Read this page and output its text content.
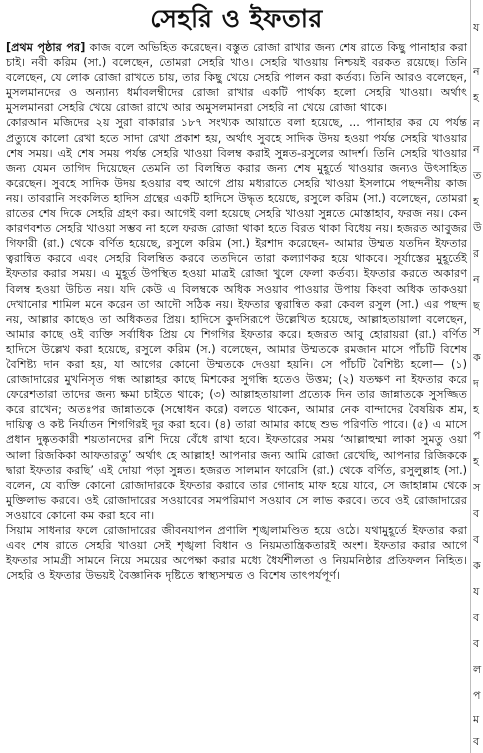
সেহরি ও ইফতার

[প্রথম পৃষ্ঠার পর] কাজ বলে অভিহিত করেছেন। বস্তুত রোজা রাখার জন্য শেষ রাতে কিছু পানাহার করা চাই। নবী করিম (সা.) বলেছেন, তোমরা সেহরি খাও। সেহরি খাওয়ায় নিশ্চয়ই বরকত রয়েছে। তিনি বলেছেন, যে লোক রোজা রাখতে চায়, তার কিছু খেয়ে সেহরি পালন করা কর্তব্য। তিনি আরও বলেছেন, মুসলমানদের ও অন্যান্য ধর্মাবলম্বীদের রোজা রাখার একটি পার্থক্য হলো সেহরি খাওয়া। অর্থাৎ মুসলমানরা সেহরি খেয়ে রোজা রাখে আর অমুসলমানরা সেহরি না খেয়ে রোজা থাকে।

কোরআন মজিদের ২য় সুরা বাকারার ১৮৭ সংখ্যক আয়াতে বলা হয়েছে, ... পানাহার কর যে পর্যন্ত প্রত্যুষে কালো রেখা হতে সাদা রেখা প্রকাশ হয়, অর্থাৎ সুবহে সাদিক উদয় হওয়া পর্যন্ত সেহরি খাওয়ার শেষ সময়। এই শেষ সময় পর্যন্ত সেহরি খাওয়া বিলম্ব করাই সুন্নত-রসুলের আদর্শ। তিনি সেহরি খাওয়ার জন্য যেমন তাগিদ দিয়েছেন তেমনি তা বিলম্বিত করার জন্য শেষ মুহূর্তে খাওয়ার জন্যও উৎসাহিত করেছেন। সুবহে সাদিক উদয় হওয়ার বহু আগে প্রায় মধ্যরাতে সেহরি খাওয়া ইসলামে পছন্দনীয় কাজ নয়। তাবরানি সংকলিত হাদিস গ্রন্থের একটি হাদিসে উদ্ধৃত হয়েছে, রসুলে করিম (সা.) বলেছেন, তোমরা রাতের শেষ দিকে সেহরি গ্রহণ কর। আগেই বলা হয়েছে সেহরি খাওয়া সুন্নতে মোস্তাহাব, ফরজ নয়। কেন কারণবশত সেহরি খাওয়া সম্ভব না হলে ফরজ রোজা থাকা হতে বিরত থাকা বিধেয় নয়। হজরত আবুজর গিফারী (রা.) থেকে বর্ণিত হয়েছে, রসুলে করিম (সা.) ইরশাদ করেছেন- আমার উম্মত যতদিন ইফতার ত্বরান্বিত করবে এবং সেহরি বিলম্বিত করবে ততদিনে তারা কল্যাণকর হয়ে থাকবে। সূর্যাস্তের মুহূর্তেই ইফতার করার সময়। এ মুহূর্ত উপস্থিত হওয়া মাত্রই রোজা খুলে ফেলা কর্তব্য। ইফতার করতে অকারণ বিলম্ব হওয়া উচিত নয়। যদি কেউ এ বিলম্বকে অধিক সওয়াব পাওয়ার উপায় কিংবা অধিক তাকওয়া দেখানোর শামিল মনে করেন তা আদৌ সঠিক নয়। ইফতার ত্বরান্বিত করা কেবল রসুল (সা.) এর পছন্দ নয়, আল্লার কাছেও তা অধিকতর প্রিয়। হাদিসে কুদসিরূপে উল্লেখিত হয়েছে, আল্লাহতায়ালা বলেছেন, আমার কাছে ওই ব্যক্তি সর্বাধিক প্রিয় যে শিগগির ইফতার করে। হজরত আবু হোরায়রা (রা.) বর্ণিত হাদিসে উল্লেখ করা হয়েছে, রসুলে করিম (স.) বলেছেন, আমার উম্মতকে রমজান মাসে পাঁচটি বিশেষ বৈশিষ্ট্য দান করা হয়, যা আগের কোনো উম্মতকে দেওয়া হয়নি। সে পাঁচটি বৈশিষ্ট্য হলো— (১) রোজাদারের মুখনিসৃত গন্ধ আল্লাহর কাছে মিশকের সুগন্ধি হতেও উত্তম; (২) যতক্ষণ না ইফতার করে ফেরেশতারা তাদের জন্য ক্ষমা চাইতে থাকে; (৩) আল্লাহতায়ালা প্রত্যেক দিন তার জান্নাতকে সুসজ্জিত করে রাখেন; অতঃপর জান্নাতকে (সম্বোধন করে) বলতে থাকেন, আমার নেক বান্দাদের বৈষয়িক শ্রম, দায়িত্ব ও কষ্ট নির্যাতন শিগগিরই দূর করা হবে। (৪) তারা আমার কাছে শুভ পরিণতি পাবে। (৫) এ মাসে প্রধান দুষ্কৃতকারী শয়তানদের রশি দিয়ে বেঁধে রাখা হবে। ইফতারের সময় ‘আল্লাহুম্মা লাকা সুমতু ওয়া আলা রিজকিকা আফতারতু’ অর্থাৎ হে আল্লাহ! আপনার জন্য আমি রোজা রেখেছি, আপনার রিজিককে দ্বারা ইফতার করছি’ এই দোয়া পড়া সুন্নত। হজরত সালমান ফারেসি (রা.) থেকে বর্ণিত, রসুলুল্লাহ (সা.) বলেন, যে ব্যক্তি কোনো রোজাদারকে ইফতার করাবে তার গোনাহ মাফ হয়ে যাবে, সে জাহান্নাম থেকে মুক্তিলাভ করবে। ওই রোজাদারের সওয়াবের সমপরিমাণ সওয়াব সে লাভ করবে। তবে ওই রোজাদারের সওয়াবে কোনো কম করা হবে না।

সিয়াম সাধনার ফলে রোজাদারের জীবনযাপন প্রণালি শৃঙ্খলামণ্ডিত হয়ে ওঠে। যথামুহূর্তে ইফতার করা এবং শেষ রাতে সেহরি খাওয়া সেই শৃঙ্খলা বিধান ও নিয়মতান্ত্রিকতারই অংশ। ইফতার করার আগে ইফতার সামগ্রী সামনে নিয়ে সময়ের অপেক্ষা করার মধ্যে ধৈর্যশীলতা ও নিয়মনিষ্ঠার প্রতিফলন নিহিত। সেহরি ও ইফতার উভয়ই বৈজ্ঞানিক দৃষ্টিতে স্বাস্থ্যসম্মত ও বিশেষ তাৎপর্যপূর্ণ।

য
ন
হ
ন
ন
ত
হ
উ
র
ন
ছ
স
ক
দ
হ
প
হ
স
ব
ব
ক
য
ব
ব
ল
প
ম
ব
